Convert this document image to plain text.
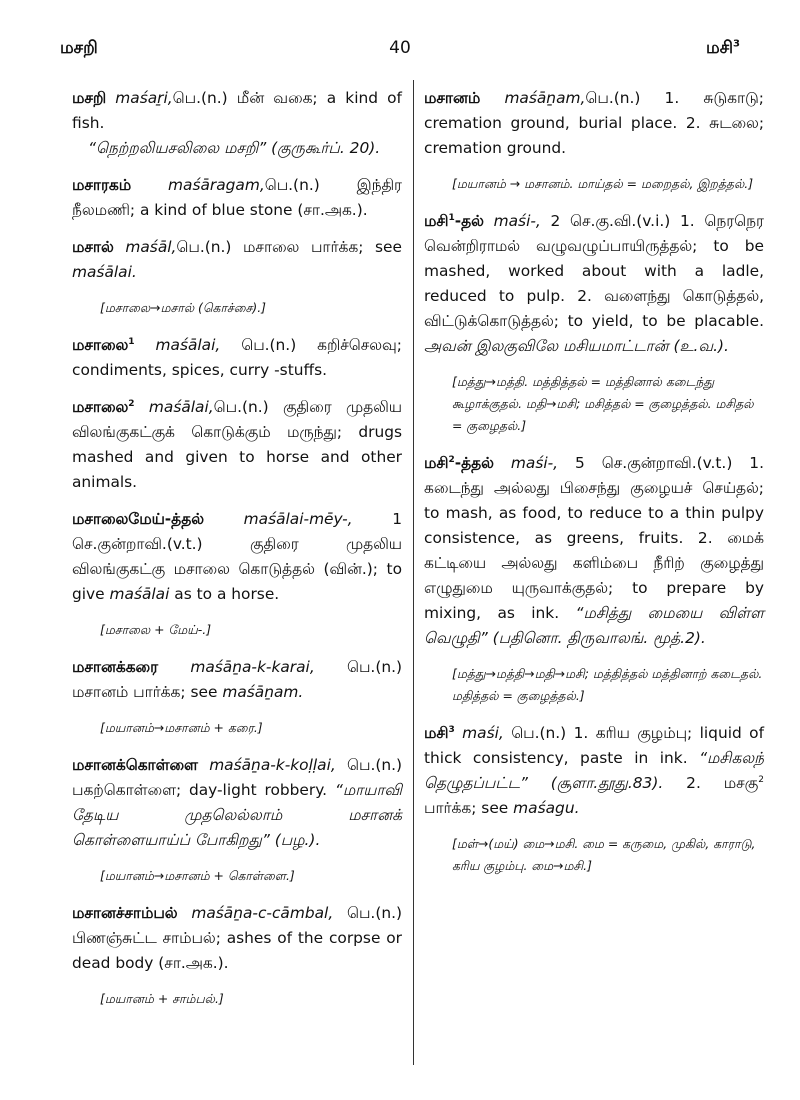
மசறி	40	மசி$^3$

மசறி maśaṟi,பெ.(n.) மீன் வகை; a kind of fish.
“நெற்றலியசலிலை மசறி” (குருகூர்ப். 20).

மசாரகம் maśāragam,பெ.(n.) இந்திர நீலமணி; a kind of blue stone (சா.அக.).

மசால் maśāl,பெ.(n.) மசாலை பார்க்க; see maśālai.

[மசாலை→மசால் (கொச்சை).]

மசாலை$^1$ maśālai, பெ.(n.) கறிச்செலவு; condiments, spices, curry -stuffs.

மசாலை$^2$ maśālai,பெ.(n.) குதிரை முதலிய விலங்குகட்குக் கொடுக்கும் மருந்து; drugs mashed and given to horse and other animals.

மசாலைமேய்-த்தல்	maśālai-mēy-,	1 செ.குன்றாவி.(v.t.)	குதிரை முதலிய விலங்குகட்கு மசாலை கொடுத்தல் (வின்.); to give maśālai as to a horse.

[மசாலை + மேய்-.]

மசானக்கரை maśāṉa-k-karai, பெ.(n.) மசானம் பார்க்க; see maśāṉam.

[மயானம்→மசானம் + கரை.]

மசானக்கொள்ளை maśāṉa-k-koḷḷai, பெ.(n.) பகற்கொள்ளை; day-light robbery. “மாயாவி தேடிய முதலெல்லாம் மசானக் கொள்ளையாய்ப் போகிறது” (பழ.).

[மயானம்→மசானம் + கொள்ளை.]

மசானச்சாம்பல் maśāṉa-c-cāmbal, பெ.(n.) பிணஞ்சுட்ட சாம்பல்; ashes of the corpse or dead body (சா.அக.).

[மயானம் + சாம்பல்.]

மசானம் maśāṉam,பெ.(n.) 1. சுடுகாடு; cremation ground, burial place. 2. சுடலை; cremation ground.

[மயானம் → மசானம். மாய்தல் = மறைதல், இறத்தல்.]

மசி$^1$-தல் maśi-, 2 செ.கு.வி.(v.i.) 1. நெரநெர வென்றிராமல் வழுவழுப்பாயிருத்தல்; to be mashed, worked about with a ladle, reduced to pulp. 2. வளைந்து கொடுத்தல், விட்டுக்கொடுத்தல்; to yield, to be placable. அவன் இலகுவிலே மசியமாட்டான் (உ.வ.).

[மத்து→மத்தி. மத்தித்தல் = மத்தினால் கடைந்து கூழாக்குதல். மதி→மசி; மசித்தல் = குழைத்தல். மசிதல் = குழைதல்.]

மசி$^2$-த்தல் maśi-, 5 செ.குன்றாவி.(v.t.) 1. கடைந்து அல்லது பிசைந்து குழையச் செய்தல்; to mash, as food, to reduce to a thin pulpy consistence, as greens, fruits. 2. மைக் கட்டியை அல்லது களிம்பை நீரிற் குழைத்து எழுதுமை யுருவாக்குதல்; to prepare by mixing, as ink. “மசித்து மையை விள்ள வெழுதி” (பதினொ. திருவாலங். மூத்.2).

[மத்து→மத்தி→மதி→மசி; மத்தித்தல் மத்தினாற் கடைதல். மதித்தல் = குழைத்தல்.]

மசி$^3$ maśi, பெ.(n.) 1. கரிய குழம்பு; liquid of thick consistency, paste in ink. “மசிகலந் தெழுதப்பட்ட” (சூளா.தூது.83). 2. மசகு$^2$ பார்க்க; see maśagu.

[மள்→(மய்) மை→மசி. மை = கருமை, முகில், காராடு, கரிய குழம்பு. மை→மசி.]
